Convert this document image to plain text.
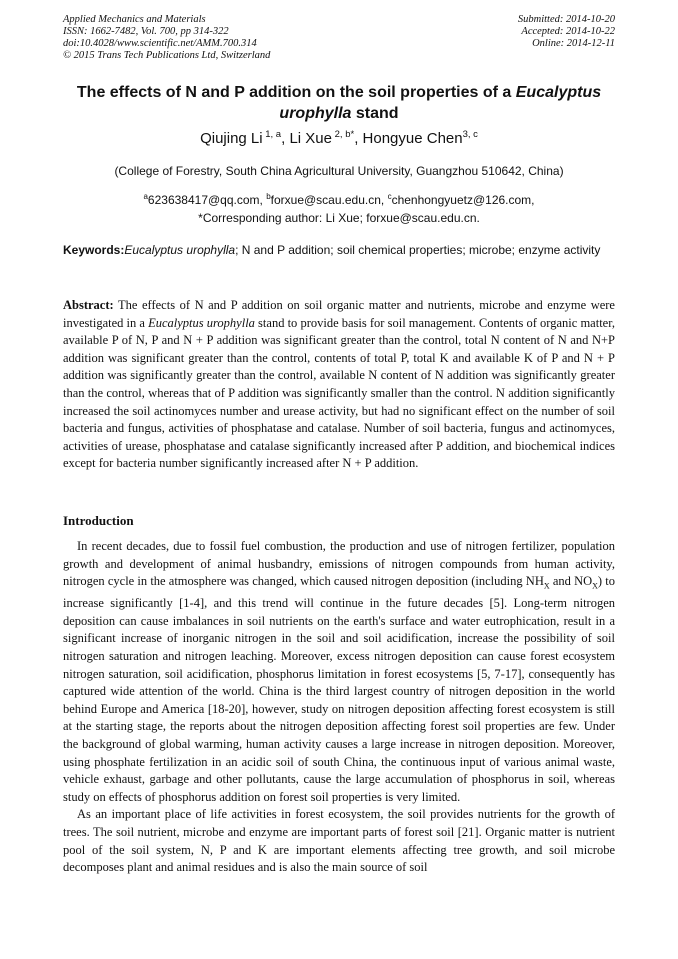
Applied Mechanics and Materials
ISSN: 1662-7482, Vol. 700, pp 314-322
doi:10.4028/www.scientific.net/AMM.700.314
© 2015 Trans Tech Publications Ltd, Switzerland
Submitted: 2014-10-20
Accepted: 2014-10-22
Online: 2014-12-11
The effects of N and P addition on the soil properties of a Eucalyptus urophylla stand
Qiujing Li $^{1, a}$, Li Xue $^{2, b*}$, Hongyue Chen$^{3, c}$
(College of Forestry, South China Agricultural University, Guangzhou 510642, China)
$^a$623638417@qq.com, $^b$forxue@scau.edu.cn, $^c$chenhongyuetz@126.com,
*Corresponding author: Li Xue; forxue@scau.edu.cn.
Keywords:Eucalyptus urophylla; N and P addition; soil chemical properties; microbe; enzyme activity
Abstract: The effects of N and P addition on soil organic matter and nutrients, microbe and enzyme were investigated in a Eucalyptus urophylla stand to provide basis for soil management. Contents of organic matter, available P of N, P and N + P addition was significant greater than the control, total N content of N and N+P addition was significant greater than the control, contents of total P, total K and available K of P and N + P addition was significantly greater than the control, available N content of N addition was significantly greater than the control, whereas that of P addition was significantly smaller than the control. N addition significantly increased the soil actinomyces number and urease activity, but had no significant effect on the number of soil bacteria and fungus, activities of phosphatase and catalase. Number of soil bacteria, fungus and actinomyces, activities of urease, phosphatase and catalase significantly increased after P addition, and biochemical indices except for bacteria number significantly increased after N + P addition.
Introduction

In recent decades, due to fossil fuel combustion, the production and use of nitrogen fertilizer, population growth and development of animal husbandry, emissions of nitrogen compounds from human activity, nitrogen cycle in the atmosphere was changed, which caused nitrogen deposition (including $NH_X$ and $NO_X$) to increase significantly [1-4], and this trend will continue in the future decades [5]. Long-term nitrogen deposition can cause imbalances in soil nutrients on the earth's surface and water eutrophication, result in a significant increase of inorganic nitrogen in the soil and soil acidification, increase the possibility of soil nitrogen saturation and nitrogen leaching. Moreover, excess nitrogen deposition can cause forest ecosystem nitrogen saturation, soil acidification, phosphorus limitation in forest ecosystems [5, 7-17], consequently has captured wide attention of the world. China is the third largest country of nitrogen deposition in the world behind Europe and America [18-20], however, study on nitrogen deposition affecting forest ecosystem is still at the starting stage, the reports about the nitrogen deposition affecting forest soil properties are few. Under the background of global warming, human activity causes a large increase in nitrogen deposition. Moreover, using phosphate fertilization in an acidic soil of south China, the continuous input of various animal waste, vehicle exhaust, garbage and other pollutants, cause the large accumulation of phosphorus in soil, whereas study on effects of phosphorus addition on forest soil properties is very limited.

As an important place of life activities in forest ecosystem, the soil provides nutrients for the growth of trees. The soil nutrient, microbe and enzyme are important parts of forest soil [21]. Organic matter is nutrient pool of the soil system, N, P and K are important elements affecting tree growth, and soil microbe decomposes plant and animal residues and is also the main source of soil
